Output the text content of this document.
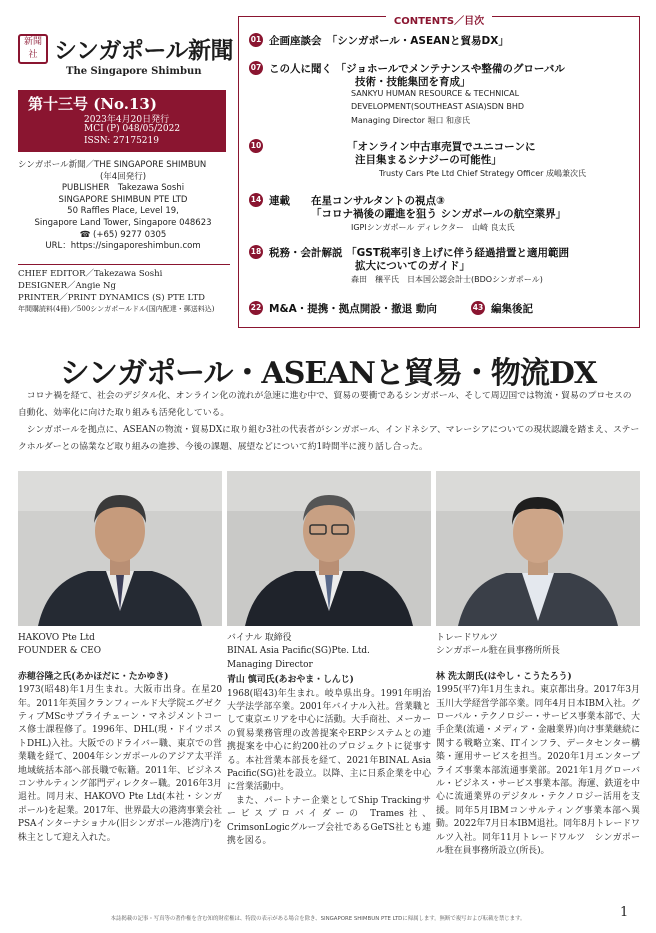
新聞社 シンガポール新聞
The Singapore Shimbun
第十三号 (No.13)
2023年4月20日発行
MCI (P) 048/05/2022
ISSN: 27175219
シンガポール新聞／THE SINGAPORE SHIMBUN
(年4回発行)
PUBLISHER　Takezawa Soshi
SINGAPORE SHIMBUN PTE LTD
50 Raffles Place, Level 19,
Singapore Land Tower, Singapore 048623
☎ (+65) 9277 0305
URL：https://singaporeshimbun.com
CHIEF EDITOR／Takezawa Soshi
DESIGNER／Angie Ng
PRINTER／PRINT DYNAMICS (S) PTE LTD
年間購読料(4冊)／500シンガポールドル(国内配達・郵送料込)
CONTENTS／目次
01 企画座談会　「シンガポール・ASEANと貿易DX」
07 この人に聞く 「ジョホールでメンテナンスや整備のグローバル
技術・技能集団を育成」
SANKYU HUMAN RESOURCE & TECHNICAL
DEVELOPMENT(SOUTHEAST ASIA)SDN BHD
Managing Director 堀口 和彦氏
10	「オンライン中古車売買でユニコーンに
注目集まるシナジーの可能性」
Trusty Cars Pte Ltd Chief Strategy Officer 成嶋兼次氏
14 連載　　在星コンサルタントの視点③
「コロナ禍後の躍進を狙う シンガポールの航空業界」
IGPIシンガポール ディレクター　山崎 良太氏
18 税務・会計解説 「GST税率引き上げに伴う経過措置と適用範囲
拡大についてのガイド」
森田　穣平氏　日本国公認会計士(BDOシンガポール)
22 M&A・提携・拠点開設・撤退 動向	43 編集後記
シンガポール・ASEANと貿易・物流DX

コロナ禍を経て、社会のデジタル化、オンライン化の流れが急速に進む中で、貿易の要衝であるシンガポール、そして周辺国では物流・貿易のプロセスの自動化、効率化に向けた取り組みも活発化している。

シンガポールを拠点に、ASEANの物流・貿易DXに取り組む3社の代表者がシンガポール、インドネシア、マレーシアについての現状認識を踏まえ、ステークホルダーとの協業など取り組みの進捗、今後の課題、展望などについて約1時間半に渡り話し合った。

HAKOVO Pte Ltd
FOUNDER & CEO
赤穂谷隆之氏(あかほだに・たかゆき)

1973(昭48)年1月生まれ。大阪市出身。在星20年。2011年英国クランフィールド大学院エグゼクティブMScサプライチェーン・マネジメントコース修士課程修了。1996年、DHL(現・ドイツポストDHL)入社。大阪でのドライバー職、東京での営業職を経て、2004年シンガポールのアジア太平洋地域統括本部へ部長職で転籍。2011年、ビジネスコンサルティング部門ディレクター職。2016年3月退社。同月末、HAKOVO Pte Ltd(本社・シンガポール)を起業。2017年、世界最大の港湾事業会社PSAインターナショナル(旧シンガポール港湾庁)を株主として迎え入れた。

バイナル 取締役
BINAL Asia Pacific(SG)Pte. Ltd.
Managing Director
青山 慎司氏(あおやま・しんじ)

1968(昭43)年生まれ。岐阜県出身。1991年明治大学法学部卒業。2001年バイナル入社。営業職として東京エリアを中心に活動。大手商社、メーカーの貿易業務管理の改善提案やERPシステムとの連携提案を中心に約200社のプロジェクトに従事する。本社営業本部長を経て、2021年BINAL Asia Pacific(SG)社を設立。以降、主に日系企業を中心に営業活動中。

また、パートナー企業としてShip Trackingサービスプロバイダーの Trames社、CrimsonLogicグループ会社であるGeTS社とも連携を図る。

トレードワルツ
シンガポール駐在員事務所所長
林 洗太朗氏(はやし・こうたろう)

1995(平7)年1月生まれ。東京都出身。2017年3月玉川大学経営学部卒業。同年4月日本IBM入社。グローバル・テクノロジー・サービス事業本部で、大手企業(流通・メディア・金融業界)向け事業継続に関する戦略立案、ITインフラ、データセンター構築・運用サービスを担当。2020年1月エンタープライズ事業本部流通事業部。2021年1月グローバル・ビジネス・サービス事業本部。海運、鉄道を中心に流通業界のデジタル・テクノロジー活用を支援。同年5月IBMコンサルティング事業本部へ異動。2022年7月日本IBM退社。同年8月トレードワルツ入社。同年11月トレードワルツ　シンガポール駐在員事務所設立(所長)。

本誌掲載の記事・写真等の著作権を含む知的財産権は、特段の表示がある場合を除き、SINGAPORE SHIMBUN PTE LTDに帰属します。無断で複写および転載を禁じます。	1
